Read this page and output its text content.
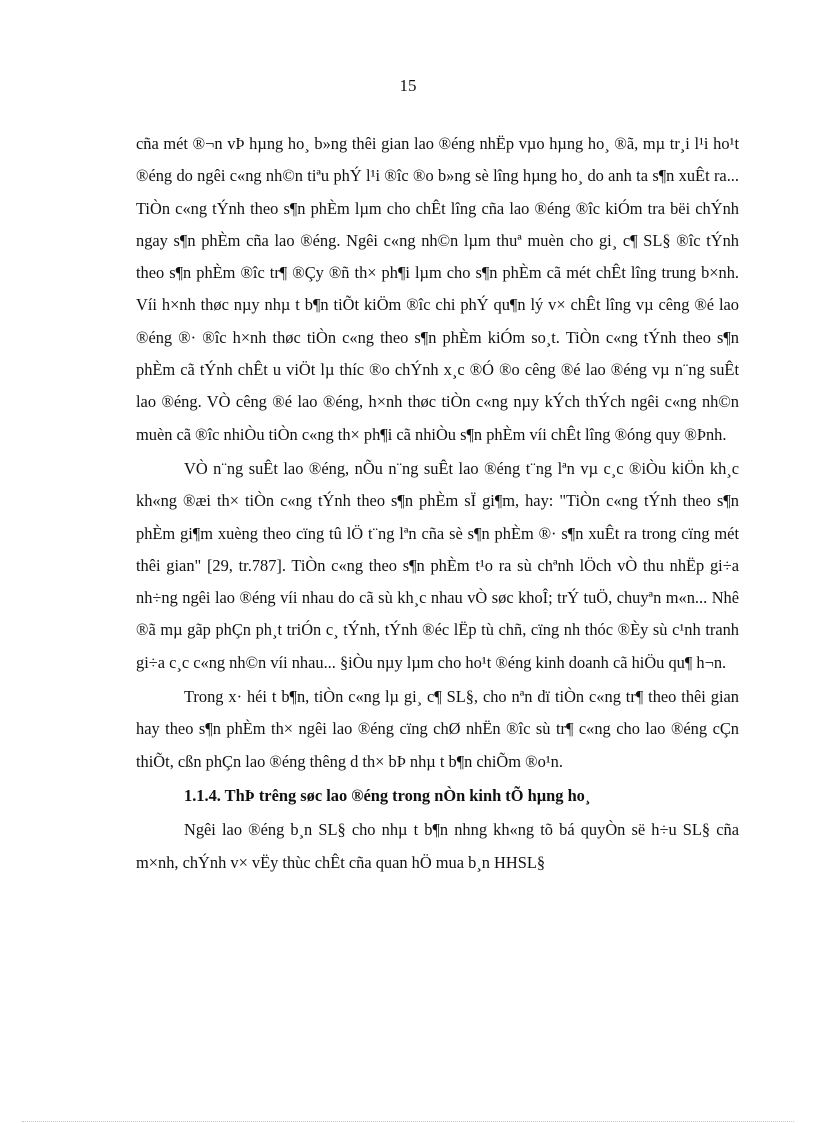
15

cña mét ®¬n vÞ hµng ho¸ b»ng thêi gian lao ®éng nhËp vµo hµng ho¸ ®ã, mµ tr¸i l¹i ho¹t ®éng do ngêi c«ng nh©n tiªu phÝ l¹i ®îc ®o b»ng sè lîng hµng ho¸ do anh ta s¶n xuÊt ra... TiÒn c«ng tÝnh theo s¶n phÈm lµm cho chÊt lîng cña lao ®éng ®îc kiÓm tra bëi chÝnh ngay s¶n phÈm cña lao ®éng. Ngêi c«ng nh©n lµm thuª muèn cho gi¸ c¶ SL§ ®îc tÝnh theo s¶n phÈm ®îc tr¶ ®Çy ®ñ th× ph¶i lµm cho s¶n phÈm cã mét chÊt lîng trung b×nh. Víi h×nh thøc nµy nhµ t b¶n tiÕt kiÖm ®îc chi phÝ qu¶n lý v× chÊt lîng vµ cêng ®é lao ®éng ®· ®îc h×nh thøc tiÒn c«ng theo s¶n phÈm kiÓm so¸t. TiÒn c«ng tÝnh theo s¶n phÈm cã tÝnh chÊt u viÖt lµ thíc ®o chÝnh x¸c ®Ó ®o cêng ®é lao ®éng vµ n¨ng suÊt lao ®éng. VÒ cêng ®é lao ®éng, h×nh thøc tiÒn c«ng nµy kÝch thÝch ngêi c«ng nh©n muèn cã ®îc nhiÒu tiÒn c«ng th× ph¶i cã nhiÒu s¶n phÈm víi chÊt lîng ®óng quy ®Þnh.

VÒ n¨ng suÊt lao ®éng, nÕu n¨ng suÊt lao ®éng t¨ng lªn vµ c¸c ®iÒu kiÖn kh¸c kh«ng ®æi th× tiÒn c«ng tÝnh theo s¶n phÈm sÏ gi¶m, hay: "TiÒn c«ng tÝnh theo s¶n phÈm gi¶m xuèng theo cïng tû lÖ t¨ng lªn cña sè s¶n phÈm ®· s¶n xuÊt ra trong cïng mét thêi gian" [29, tr.787]. TiÒn c«ng theo s¶n phÈm t¹o ra sù chªnh lÖch vÒ thu nhËp gi÷a nh÷ng ngêi lao ®éng víi nhau do cã sù kh¸c nhau vÒ søc khoÎ; trÝ tuÖ, chuyªn m«n... Nhê ®ã mµ gãp phÇn ph¸t triÓn c¸ tÝnh, tÝnh ®éc lËp tù chñ, cïng nh thóc ®Èy sù c¹nh tranh gi÷a c¸c c«ng nh©n víi nhau... §iÒu nµy lµm cho ho¹t ®éng kinh doanh cã hiÖu qu¶ h¬n.

Trong x· héi t b¶n, tiÒn c«ng lµ gi¸ c¶ SL§, cho nªn dï tiÒn c«ng tr¶ theo thêi gian hay theo s¶n phÈm th× ngêi lao ®éng cïng chØ nhËn ®îc sù tr¶ c«ng cho lao ®éng cÇn thiÕt, cßn phÇn lao ®éng thêng d th× bÞ nhµ t b¶n chiÕm ®o¹n.

1.1.4. ThÞ trêng søc lao ®éng trong nÒn kinh tÕ hµng ho¸

Ngêi lao ®éng b¸n SL§ cho nhµ t b¶n nhng kh«ng tõ bá quyÒn së h÷u SL§ cña m×nh, chÝnh v× vËy thùc chÊt cña quan hÖ mua b¸n HHSL§
